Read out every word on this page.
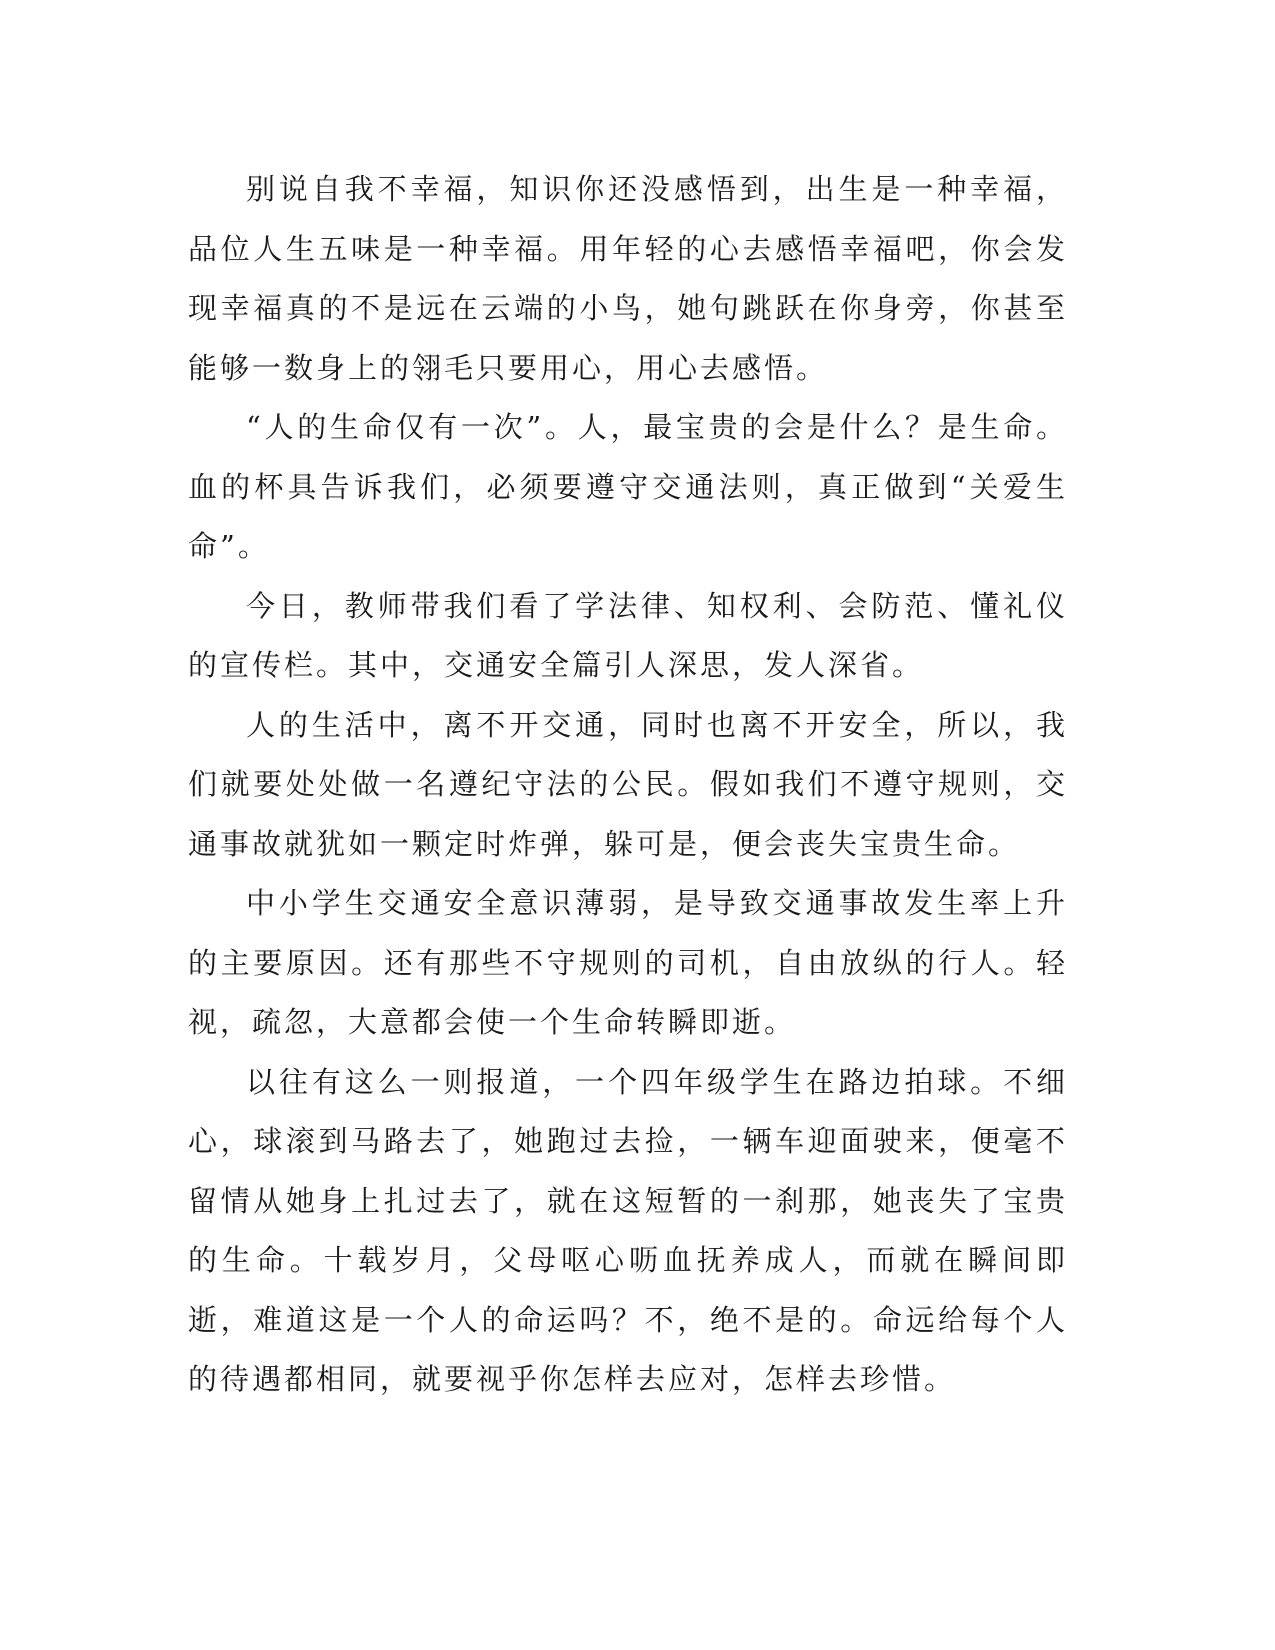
别说自我不幸福，知识你还没感悟到，出生是一种幸福，品位人生五味是一种幸福。用年轻的心去感悟幸福吧，你会发现幸福真的不是远在云端的小鸟，她句跳跃在你身旁，你甚至能够一数身上的翎毛只要用心，用心去感悟。

“人的生命仅有一次”。人，最宝贵的会是什么？是生命。血的杯具告诉我们，必须要遵守交通法则，真正做到“关爱生命”。

今日，教师带我们看了学法律、知权利、会防范、懂礼仪的宣传栏。其中，交通安全篇引人深思，发人深省。

人的生活中，离不开交通，同时也离不开安全，所以，我们就要处处做一名遵纪守法的公民。假如我们不遵守规则，交通事故就犹如一颗定时炸弹，躲可是，便会丧失宝贵生命。

中小学生交通安全意识薄弱，是导致交通事故发生率上升的主要原因。还有那些不守规则的司机，自由放纵的行人。轻视，疏忽，大意都会使一个生命转瞬即逝。

以往有这么一则报道，一个四年级学生在路边拍球。不细心，球滚到马路去了，她跑过去捡，一辆车迎面驶来，便毫不留情从她身上扎过去了，就在这短暂的一刹那，她丧失了宝贵的生命。十载岁月，父母呕心呖血抚养成人，而就在瞬间即逝，难道这是一个人的命运吗？不，绝不是的。命远给每个人的待遇都相同，就要视乎你怎样去应对，怎样去珍惜。
